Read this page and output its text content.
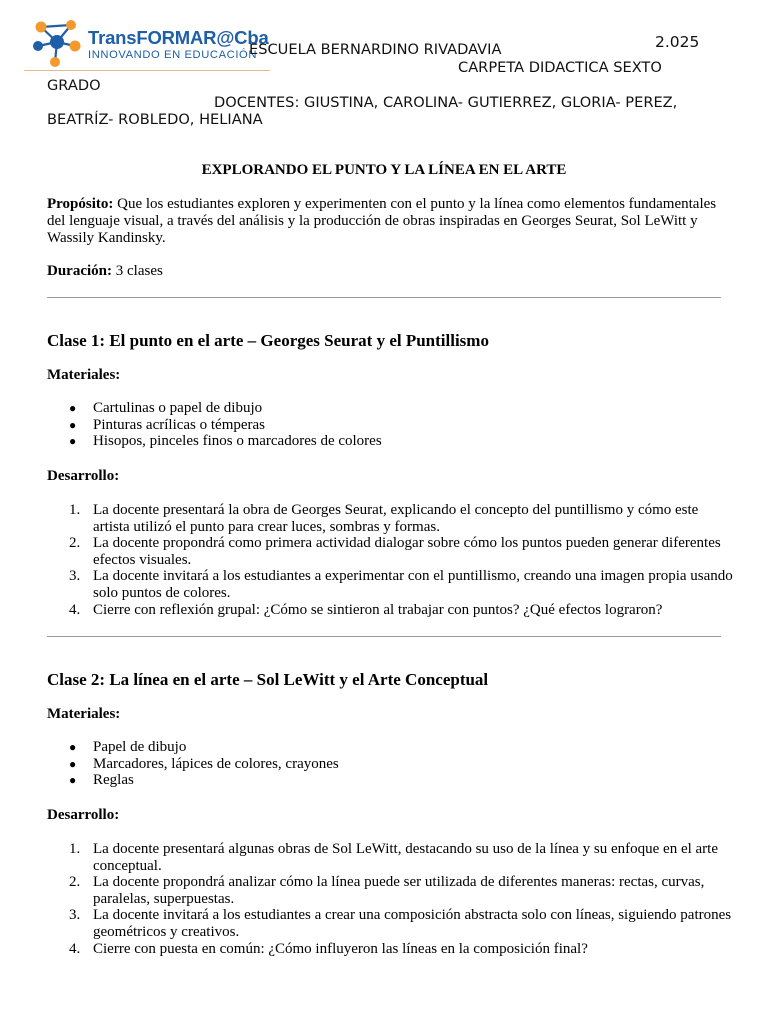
TransFORMAR@Cba
INNOVANDO EN EDUCACIÓN
ESCUELA BERNARDINO RIVADAVIA	2.025
CARPETA DIDACTICA SEXTO
GRADO
DOCENTES: GIUSTINA, CAROLINA- GUTIERREZ, GLORIA- PEREZ,
BEATRÍZ- ROBLEDO, HELIANA
EXPLORANDO EL PUNTO Y LA LÍNEA EN EL ARTE
Propósito: Que los estudiantes exploren y experimenten con el punto y la línea como elementos fundamentales del lenguaje visual, a través del análisis y la producción de obras inspiradas en Georges Seurat, Sol LeWitt y Wassily Kandinsky.
Duración: 3 clases
Clase 1: El punto en el arte – Georges Seurat y el Puntillismo
Materiales:
● Cartulinas o papel de dibujo
● Pinturas acrílicas o témperas
● Hisopos, pinceles finos o marcadores de colores
Desarrollo:
1. La docente presentará la obra de Georges Seurat, explicando el concepto del puntillismo y cómo este artista utilizó el punto para crear luces, sombras y formas.
2. La docente propondrá como primera actividad dialogar sobre cómo los puntos pueden generar diferentes efectos visuales.
3. La docente invitará a los estudiantes a experimentar con el puntillismo, creando una imagen propia usando solo puntos de colores.
4. Cierre con reflexión grupal: ¿Cómo se sintieron al trabajar con puntos? ¿Qué efectos lograron?
Clase 2: La línea en el arte – Sol LeWitt y el Arte Conceptual
Materiales:
● Papel de dibujo
● Marcadores, lápices de colores, crayones
● Reglas
Desarrollo:
1. La docente presentará algunas obras de Sol LeWitt, destacando su uso de la línea y su enfoque en el arte conceptual.
2. La docente propondrá analizar cómo la línea puede ser utilizada de diferentes maneras: rectas, curvas, paralelas, superpuestas.
3. La docente invitará a los estudiantes a crear una composición abstracta solo con líneas, siguiendo patrones geométricos y creativos.
4. Cierre con puesta en común: ¿Cómo influyeron las líneas en la composición final?
